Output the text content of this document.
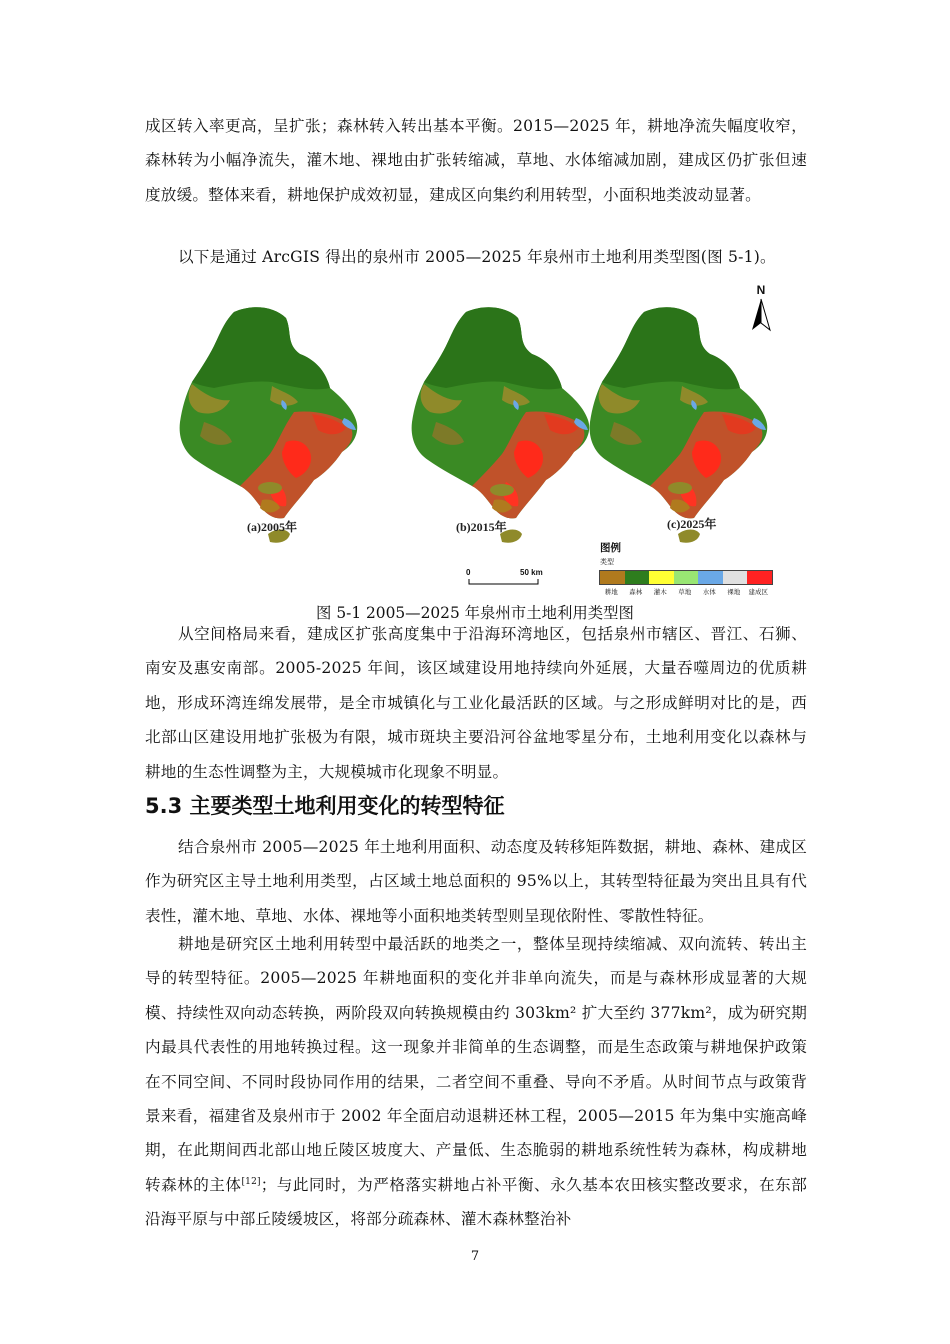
成区转入率更高，呈扩张；森林转入转出基本平衡。2015—2025 年，耕地净流失幅度收窄，森林转为小幅净流失，灌木地、裸地由扩张转缩减，草地、水体缩减加剧，建成区仍扩张但速度放缓。整体来看，耕地保护成效初显，建成区向集约利用转型，小面积地类波动显著。

以下是通过 ArcGIS 得出的泉州市 2005—2025 年泉州市土地利用类型图(图 5-1)。

(a)2005年	(b)2015年	(c)2025年
N
0	50 km
图例
类型
耕地	森林	灌木	草地	水体	裸地	建成区
图 5-1 2005—2025 年泉州市土地利用类型图

从空间格局来看，建成区扩张高度集中于沿海环湾地区，包括泉州市辖区、晋江、石狮、南安及惠安南部。2005-2025 年间，该区域建设用地持续向外延展，大量吞噬周边的优质耕地，形成环湾连绵发展带，是全市城镇化与工业化最活跃的区域。与之形成鲜明对比的是，西北部山区建设用地扩张极为有限，城市斑块主要沿河谷盆地零星分布，土地利用变化以森林与耕地的生态性调整为主，大规模城市化现象不明显。

5.3 主要类型土地利用变化的转型特征

结合泉州市 2005—2025 年土地利用面积、动态度及转移矩阵数据，耕地、森林、建成区作为研究区主导土地利用类型，占区域土地总面积的 95%以上，其转型特征最为突出且具有代表性，灌木地、草地、水体、裸地等小面积地类转型则呈现依附性、零散性特征。

耕地是研究区土地利用转型中最活跃的地类之一，整体呈现持续缩减、双向流转、转出主导的转型特征。2005—2025 年耕地面积的变化并非单向流失，而是与森林形成显著的大规模、持续性双向动态转换，两阶段双向转换规模由约 303km² 扩大至约 377km²，成为研究期内最具代表性的用地转换过程。这一现象并非简单的生态调整，而是生态政策与耕地保护政策在不同空间、不同时段协同作用的结果，二者空间不重叠、导向不矛盾。从时间节点与政策背景来看，福建省及泉州市于 2002 年全面启动退耕还林工程，2005—2015 年为集中实施高峰期，在此期间西北部山地丘陵区坡度大、产量低、生态脆弱的耕地系统性转为森林，构成耕地转森林的主体[12]；与此同时，为严格落实耕地占补平衡、永久基本农田核实整改要求，在东部沿海平原与中部丘陵缓坡区，将部分疏森林、灌木森林整治补

7
